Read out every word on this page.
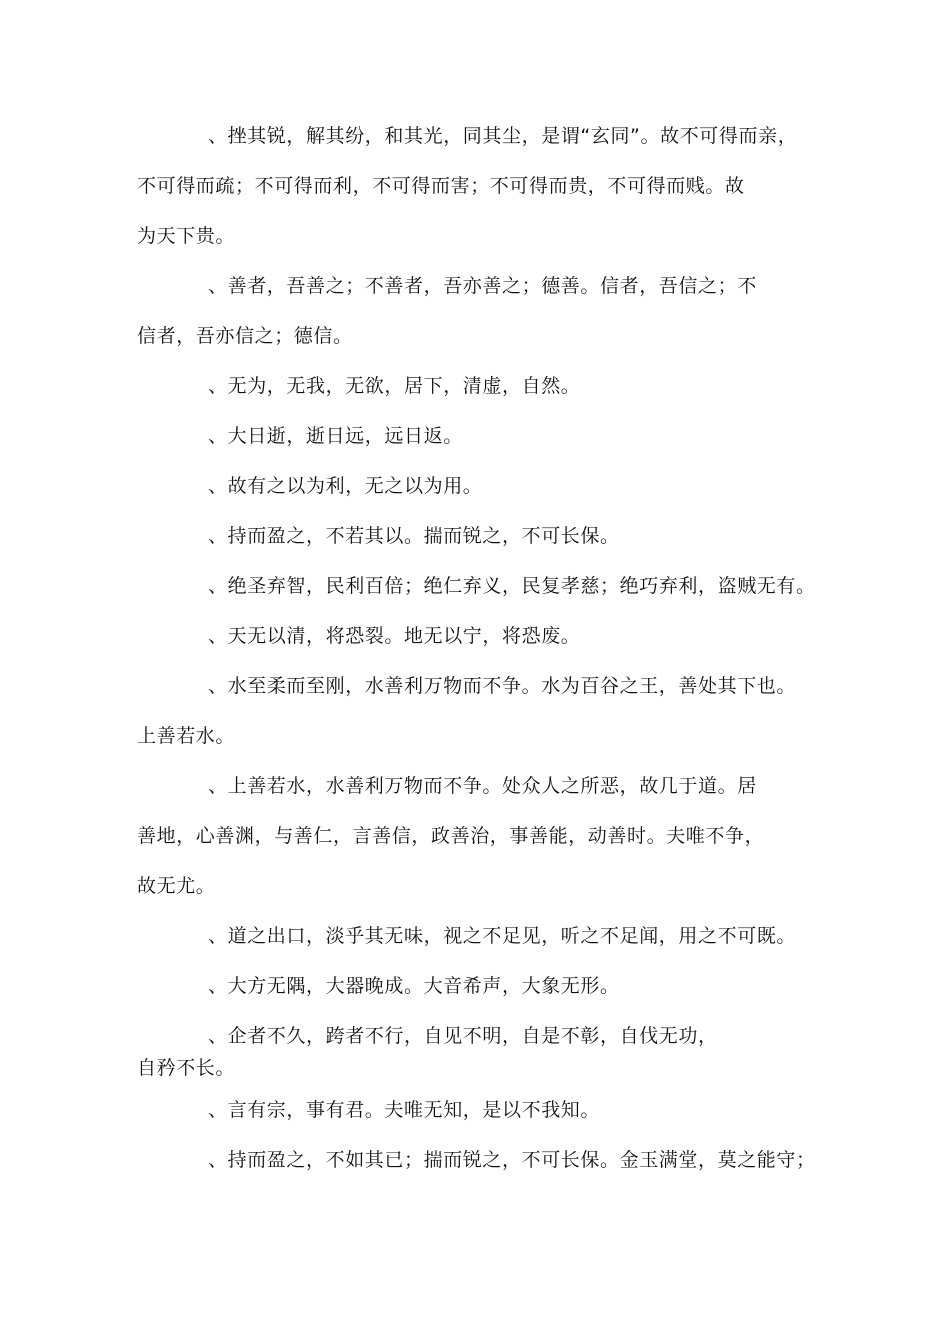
、挫其锐，解其纷，和其光，同其尘，是谓“玄同”。故不可得而亲，

不可得而疏；不可得而利，不可得而害；不可得而贵，不可得而贱。故

为天下贵。

、善者，吾善之；不善者，吾亦善之；德善。信者，吾信之；不

信者，吾亦信之；德信。

、无为，无我，无欲，居下，清虚，自然。

、大日逝，逝日远，远日返。

、故有之以为利，无之以为用。

、持而盈之，不若其以。揣而锐之，不可长保。

、绝圣弃智，民利百倍；绝仁弃义，民复孝慈；绝巧弃利，盗贼无有。

、天无以清，将恐裂。地无以宁，将恐废。

、水至柔而至刚，水善利万物而不争。水为百谷之王，善处其下也。

上善若水。

、上善若水，水善利万物而不争。处众人之所恶，故几于道。居

善地，心善渊，与善仁，言善信，政善治，事善能，动善时。夫唯不争，

故无尤。

、道之出口，淡乎其无味，视之不足见，听之不足闻，用之不可既。

、大方无隅，大器晚成。大音希声，大象无形。

、企者不久，跨者不行，自见不明，自是不彰，自伐无功，

自矜不长。

、言有宗，事有君。夫唯无知，是以不我知。

、持而盈之，不如其已；揣而锐之，不可长保。金玉满堂，莫之能守；
